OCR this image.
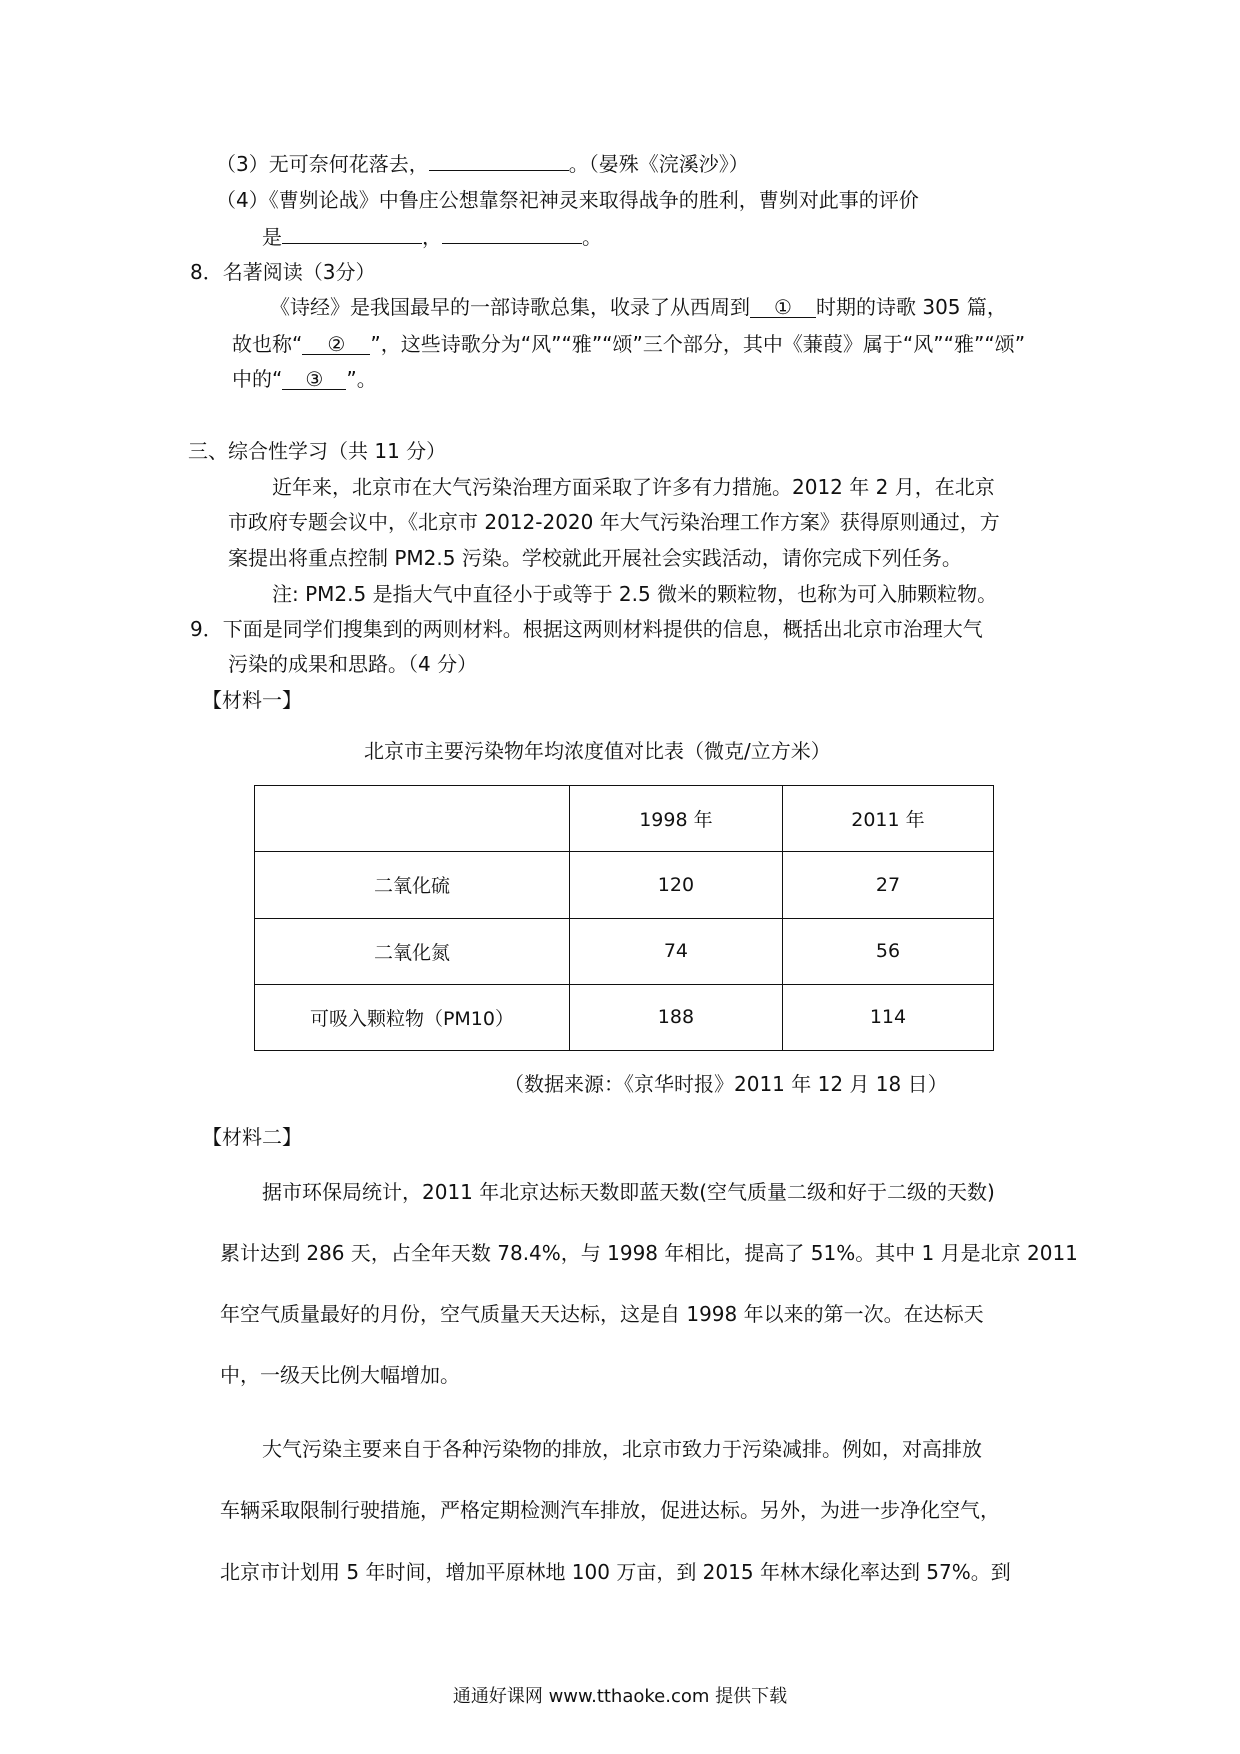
（3）无可奈何花落去，	。（晏殊《浣溪沙》）
（4）《曹刿论战》中鲁庄公想靠祭祀神灵来取得战争的胜利，曹刿对此事的评价
是	，	。
8．名著阅读（3分）
《诗经》是我国最早的一部诗歌总集，收录了从西周到 ① 时期的诗歌 305 篇，
故也称“ ② ”，这些诗歌分为“风”“雅”“颂”三个部分，其中《蒹葭》属于“风”“雅”“颂”
中的“ ③ ”。
三、综合性学习（共 11 分）
近年来，北京市在大气污染治理方面采取了许多有力措施。2012 年 2 月，在北京
市政府专题会议中，《北京市 2012-2020 年大气污染治理工作方案》获得原则通过，方
案提出将重点控制 PM2.5 污染。学校就此开展社会实践活动，请你完成下列任务。
注: PM2.5 是指大气中直径小于或等于 2.5 微米的颗粒物，也称为可入肺颗粒物。
9．下面是同学们搜集到的两则材料。根据这两则材料提供的信息，概括出北京市治理大气
污染的成果和思路。（4 分）
【材料一】
北京市主要污染物年均浓度值对比表（微克/立方米）
	1998 年	2011 年
二氧化硫	120	27
二氧化氮	74	56
可吸入颗粒物（PM10）	188	114
（数据来源：《京华时报》2011 年 12 月 18 日）
【材料二】
据市环保局统计，2011 年北京达标天数即蓝天数(空气质量二级和好于二级的天数)
累计达到 286 天，占全年天数 78.4%，与 1998 年相比，提高了 51%。其中 1 月是北京 2011
年空气质量最好的月份，空气质量天天达标，这是自 1998 年以来的第一次。在达标天
中，一级天比例大幅增加。
大气污染主要来自于各种污染物的排放，北京市致力于污染减排。例如，对高排放
车辆采取限制行驶措施，严格定期检测汽车排放，促进达标。另外，为进一步净化空气，
北京市计划用 5 年时间，增加平原林地 100 万亩，到 2015 年林木绿化率达到 57%。到
通通好课网 www.tthaoke.com 提供下载
